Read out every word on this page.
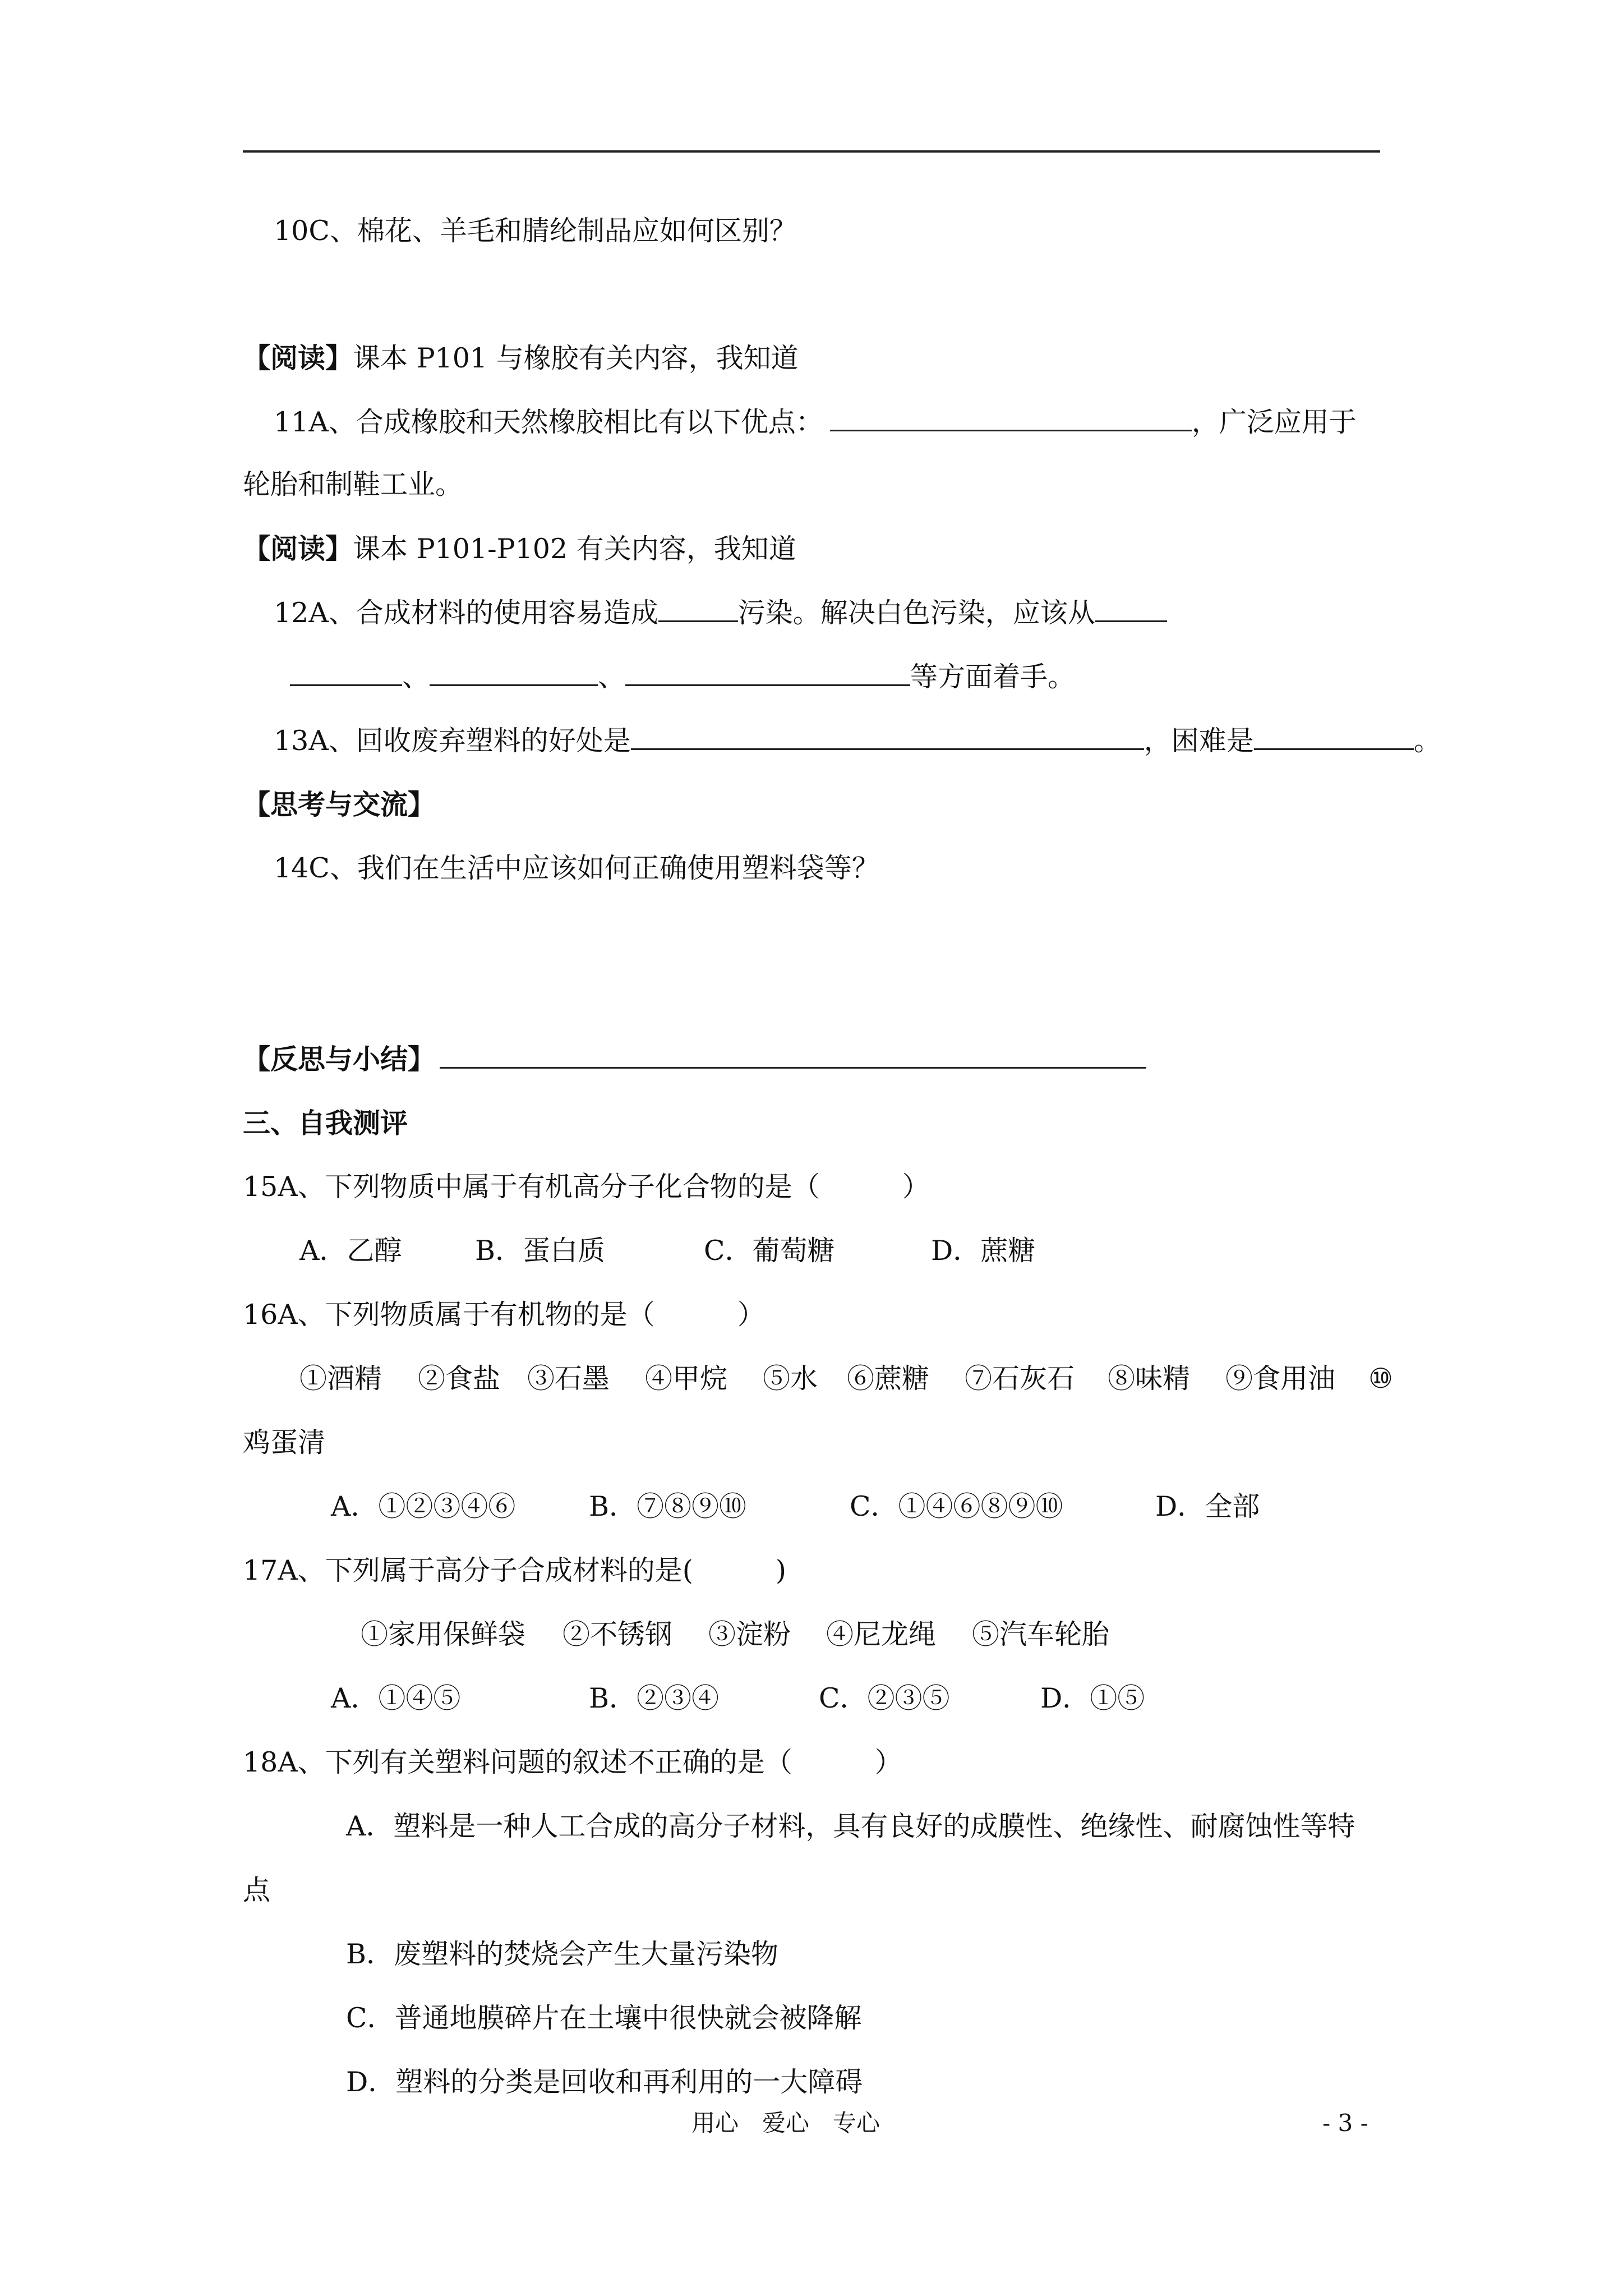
10C、棉花、羊毛和腈纶制品应如何区别？
【阅读】课本 P101 与橡胶有关内容，我知道
11A、合成橡胶和天然橡胶相比有以下优点：	，广泛应用于
轮胎和制鞋工业。
【阅读】课本 P101-P102 有关内容，我知道
12A、合成材料的使用容易造成	污染。解决白色污染，应该从
、	、	等方面着手。
13A、回收废弃塑料的好处是	，困难是	。
【思考与交流】
14C、我们在生活中应该如何正确使用塑料袋等？
【反思与小结】
三、自我测评
15A、下列物质中属于有机高分子化合物的是（　　　）
A．乙醇	B．蛋白质	C．葡萄糖	D．蔗糖
16A、下列物质属于有机物的是（　　　）
①酒精 ②食盐 ③石墨 ④甲烷 ⑤水 ⑥蔗糖 ⑦石灰石 ⑧味精 ⑨食用油 ⑩
鸡蛋清
A．①②③④⑥	B．⑦⑧⑨⑩	C．①④⑥⑧⑨⑩	D．全部
17A、下列属于高分子合成材料的是(　　　)
①家用保鲜袋 ②不锈钢 ③淀粉 ④尼龙绳 ⑤汽车轮胎
A．①④⑤	B．②③④	C．②③⑤	D．①⑤
18A、下列有关塑料问题的叙述不正确的是（　　　）
A．塑料是一种人工合成的高分子材料，具有良好的成膜性、绝缘性、耐腐蚀性等特
点
B．废塑料的焚烧会产生大量污染物
C．普通地膜碎片在土壤中很快就会被降解
D．塑料的分类是回收和再利用的一大障碍
用心　爱心　专心	- 3 -
